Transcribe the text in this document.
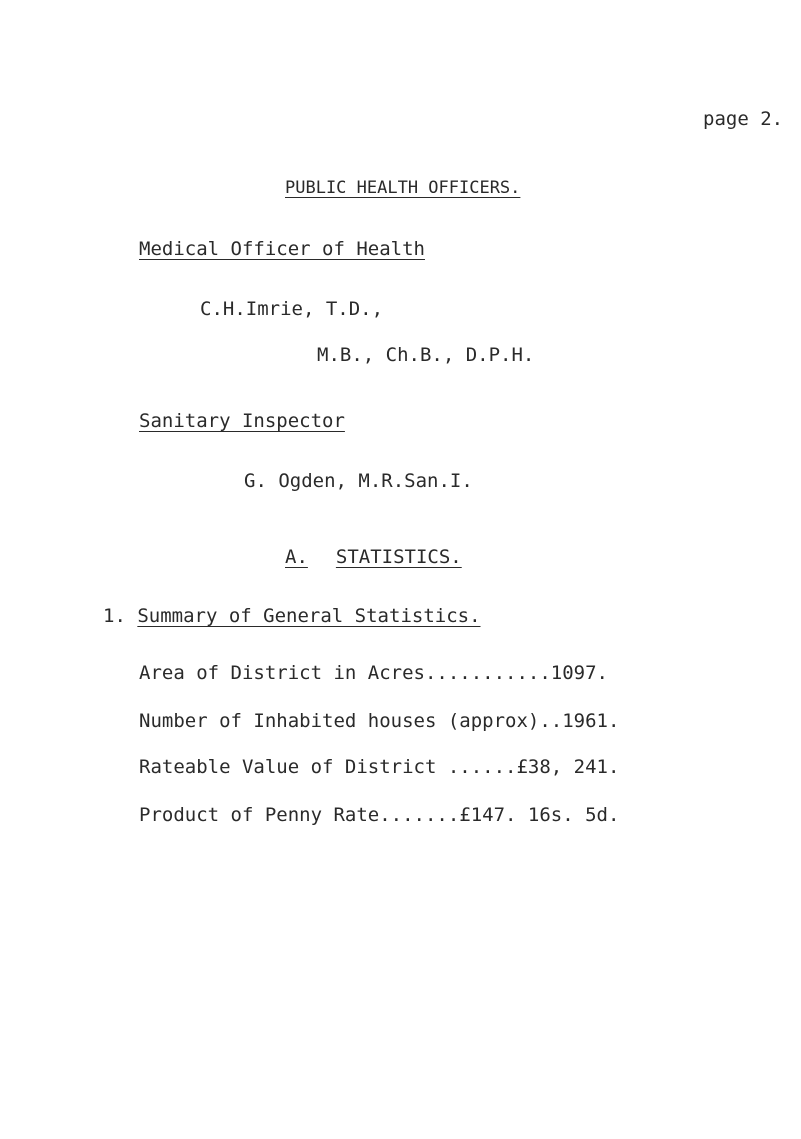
page 2.
PUBLIC HEALTH OFFICERS.
Medical Officer of Health
C.H.Imrie, T.D.,
M.B., Ch.B., D.P.H.
Sanitary Inspector
G. Ogden, M.R.San.I.
A. STATISTICS.
1. Summary of General Statistics.
Area of District in Acres...........1097.
Number of Inhabited houses (approx)..1961.
Rateable Value of District ......£38, 241.
Product of Penny Rate.......£147. 16s. 5d.
